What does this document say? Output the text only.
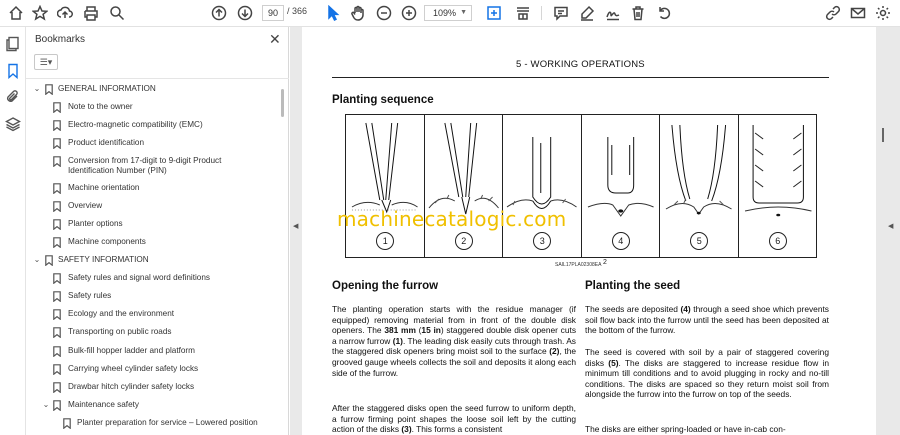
90	/ 366	109% ▼
Bookmarks	✕
☰▾
⌄ GENERAL INFORMATION
Note to the owner
Electro-magnetic compatibility (EMC)
Product identification
Conversion from 17-digit to 9-digit Product
Identification Number (PIN)
Machine orientation
Overview
Planter options
Machine components
⌄ SAFETY INFORMATION
Safety rules and signal word definitions
Safety rules
Ecology and the environment
Transporting on public roads
Bulk-fill hopper ladder and platform
Carrying wheel cylinder safety locks
Drawbar hitch cylinder safety locks
⌄ Maintenance safety
Planter preparation for service – Lowered position
◀	◀
5 - WORKING OPERATIONS
Planting sequence
1	2	3	4	5	6
SAIL17PLA02308EA 2
machinecatalogic.com
Opening the furrow
The planting operation starts with the residue manager (if equipped) removing material from in front of the double disk openers. The 381 mm (15 in) staggered double disk opener cuts a narrow furrow (1). The leading disk easily cuts through trash. As the staggered disk openers bring moist soil to the surface (2), the grooved gauge wheels collects the soil and deposits it along each side of the furrow.
After the staggered disks open the seed furrow to uniform depth, a furrow firming point shapes the loose soil left by the cutting action of the disks (3). This forms a consistent
Planting the seed
The seeds are deposited (4) through a seed shoe which prevents soil flow back into the furrow until the seed has been deposited at the bottom of the furrow.
The seed is covered with soil by a pair of staggered covering disks (5). The disks are staggered to increase residue flow in minimum till conditions and to avoid plugging in rocky and no-till conditions. The disks are spaced so they return moist soil from alongside the furrow into the furrow on top of the seeds.
The disks are either spring-loaded or have in-cab con-
